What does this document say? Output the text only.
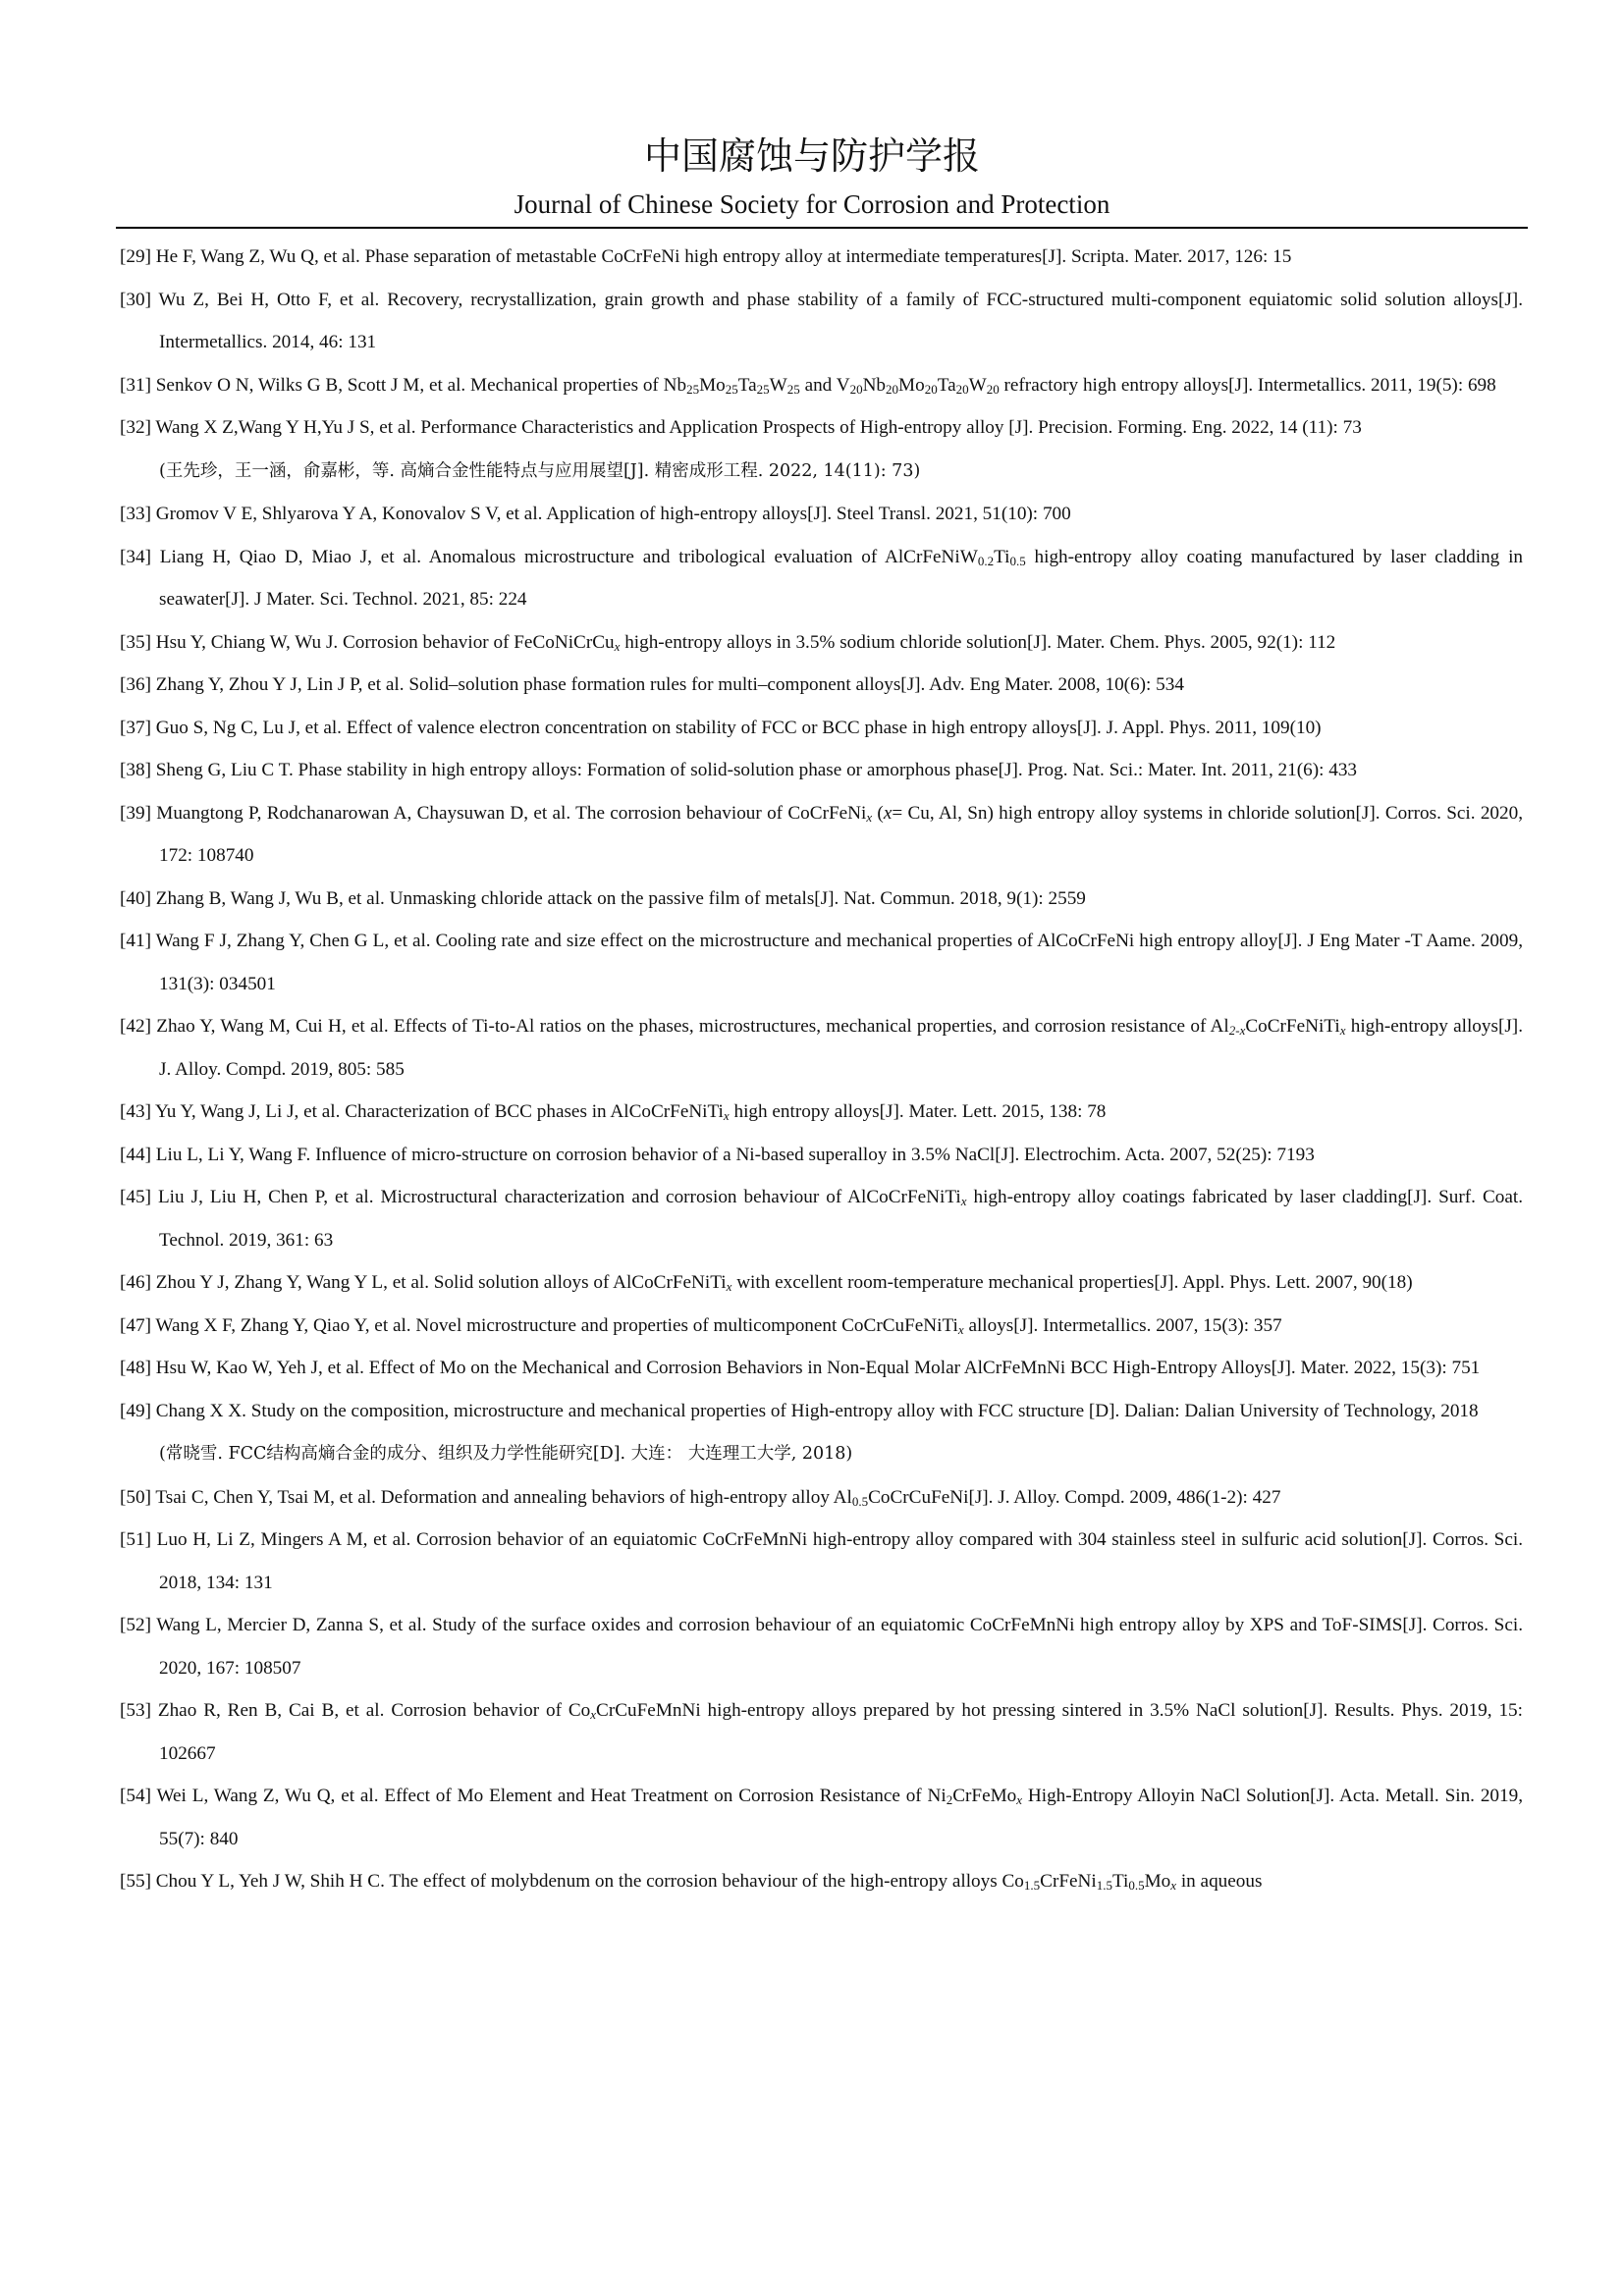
中国腐蚀与防护学报
Journal of Chinese Society for Corrosion and Protection
[29] He F, Wang Z, Wu Q, et al. Phase separation of metastable CoCrFeNi high entropy alloy at intermediate temperatures[J]. Scripta. Mater. 2017, 126: 15
[30] Wu Z, Bei H, Otto F, et al. Recovery, recrystallization, grain growth and phase stability of a family of FCC-structured multi-component equiatomic solid solution alloys[J]. Intermetallics. 2014, 46: 131
[31] Senkov O N, Wilks G B, Scott J M, et al. Mechanical properties of $Nb_{25}Mo_{25}Ta_{25}W_{25}$ and $V_{20}Nb_{20}Mo_{20}Ta_{20}W_{20}$ refractory high entropy alloys[J]. Intermetallics. 2011, 19(5): 698
[32] Wang X Z,Wang Y H,Yu J S, et al. Performance Characteristics and Application Prospects of High-entropy alloy [J]. Precision. Forming. Eng. 2022, 14 (11): 73
(王先珍，王一涵，俞嘉彬，等. 高熵合金性能特点与应用展望[J]. 精密成形工程. 2022, 14(11): 73)
[33] Gromov V E, Shlyarova Y A, Konovalov S V, et al. Application of high-entropy alloys[J]. Steel Transl. 2021, 51(10): 700
[34] Liang H, Qiao D, Miao J, et al. Anomalous microstructure and tribological evaluation of $AlCrFeNiW_{0.2}Ti_{0.5}$ high-entropy alloy coating manufactured by laser cladding in seawater[J]. J Mater. Sci. Technol. 2021, 85: 224
[35] Hsu Y, Chiang W, Wu J. Corrosion behavior of FeCoNiCrCu$_x$ high-entropy alloys in 3.5% sodium chloride solution[J]. Mater. Chem. Phys. 2005, 92(1): 112
[36] Zhang Y, Zhou Y J, Lin J P, et al. Solid–solution phase formation rules for multi–component alloys[J]. Adv. Eng Mater. 2008, 10(6): 534
[37] Guo S, Ng C, Lu J, et al. Effect of valence electron concentration on stability of FCC or BCC phase in high entropy alloys[J]. J. Appl. Phys. 2011, 109(10)
[38] Sheng G, Liu C T. Phase stability in high entropy alloys: Formation of solid-solution phase or amorphous phase[J]. Prog. Nat. Sci.: Mater. Int. 2011, 21(6): 433
[39] Muangtong P, Rodchanarowan A, Chaysuwan D, et al. The corrosion behaviour of CoCrFeNi$_x$ (x= Cu, Al, Sn) high entropy alloy systems in chloride solution[J]. Corros. Sci. 2020, 172: 108740
[40] Zhang B, Wang J, Wu B, et al. Unmasking chloride attack on the passive film of metals[J]. Nat. Commun. 2018, 9(1): 2559
[41] Wang F J, Zhang Y, Chen G L, et al. Cooling rate and size effect on the microstructure and mechanical properties of AlCoCrFeNi high entropy alloy[J]. J Eng Mater -T Aame. 2009, 131(3): 034501
[42] Zhao Y, Wang M, Cui H, et al. Effects of Ti-to-Al ratios on the phases, microstructures, mechanical properties, and corrosion resistance of $Al_{2-x}CoCrFeNiTi_x$ high-entropy alloys[J]. J. Alloy. Compd. 2019, 805: 585
[43] Yu Y, Wang J, Li J, et al. Characterization of BCC phases in AlCoCrFeNiTi$_x$ high entropy alloys[J]. Mater. Lett. 2015, 138: 78
[44] Liu L, Li Y, Wang F. Influence of micro-structure on corrosion behavior of a Ni-based superalloy in 3.5% NaCl[J]. Electrochim. Acta. 2007, 52(25): 7193
[45] Liu J, Liu H, Chen P, et al. Microstructural characterization and corrosion behaviour of AlCoCrFeNiTi$_x$ high-entropy alloy coatings fabricated by laser cladding[J]. Surf. Coat. Technol. 2019, 361: 63
[46] Zhou Y J, Zhang Y, Wang Y L, et al. Solid solution alloys of AlCoCrFeNiTi$_x$ with excellent room-temperature mechanical properties[J]. Appl. Phys. Lett. 2007, 90(18)
[47] Wang X F, Zhang Y, Qiao Y, et al. Novel microstructure and properties of multicomponent CoCrCuFeNiTi$_x$ alloys[J]. Intermetallics. 2007, 15(3): 357
[48] Hsu W, Kao W, Yeh J, et al. Effect of Mo on the Mechanical and Corrosion Behaviors in Non-Equal Molar AlCrFeMnNi BCC High-Entropy Alloys[J]. Mater. 2022, 15(3): 751
[49] Chang X X. Study on the composition, microstructure and mechanical properties of High-entropy alloy with FCC structure [D]. Dalian: Dalian University of Technology, 2018
(常晓雪. FCC结构高熵合金的成分、组织及力学性能研究[D]. 大连： 大连理工大学, 2018)
[50] Tsai C, Chen Y, Tsai M, et al. Deformation and annealing behaviors of high-entropy alloy $Al_{0.5}CoCrCuFeNi[J]$. J. Alloy. Compd. 2009, 486(1-2): 427
[51] Luo H, Li Z, Mingers A M, et al. Corrosion behavior of an equiatomic CoCrFeMnNi high-entropy alloy compared with 304 stainless steel in sulfuric acid solution[J]. Corros. Sci. 2018, 134: 131
[52] Wang L, Mercier D, Zanna S, et al. Study of the surface oxides and corrosion behaviour of an equiatomic CoCrFeMnNi high entropy alloy by XPS and ToF-SIMS[J]. Corros. Sci. 2020, 167: 108507
[53] Zhao R, Ren B, Cai B, et al. Corrosion behavior of $Co_xCrCuFeMnNi$ high-entropy alloys prepared by hot pressing sintered in 3.5% NaCl solution[J]. Results. Phys. 2019, 15: 102667
[54] Wei L, Wang Z, Wu Q, et al. Effect of Mo Element and Heat Treatment on Corrosion Resistance of $Ni_2CrFeMo_x$ High-Entropy Alloyin NaCl Solution[J]. Acta. Metall. Sin. 2019, 55(7): 840
[55] Chou Y L, Yeh J W, Shih H C. The effect of molybdenum on the corrosion behaviour of the high-entropy alloys $Co_{1.5}CrFeNi_{1.5}Ti_{0.5}Mo_x$ in aqueous
